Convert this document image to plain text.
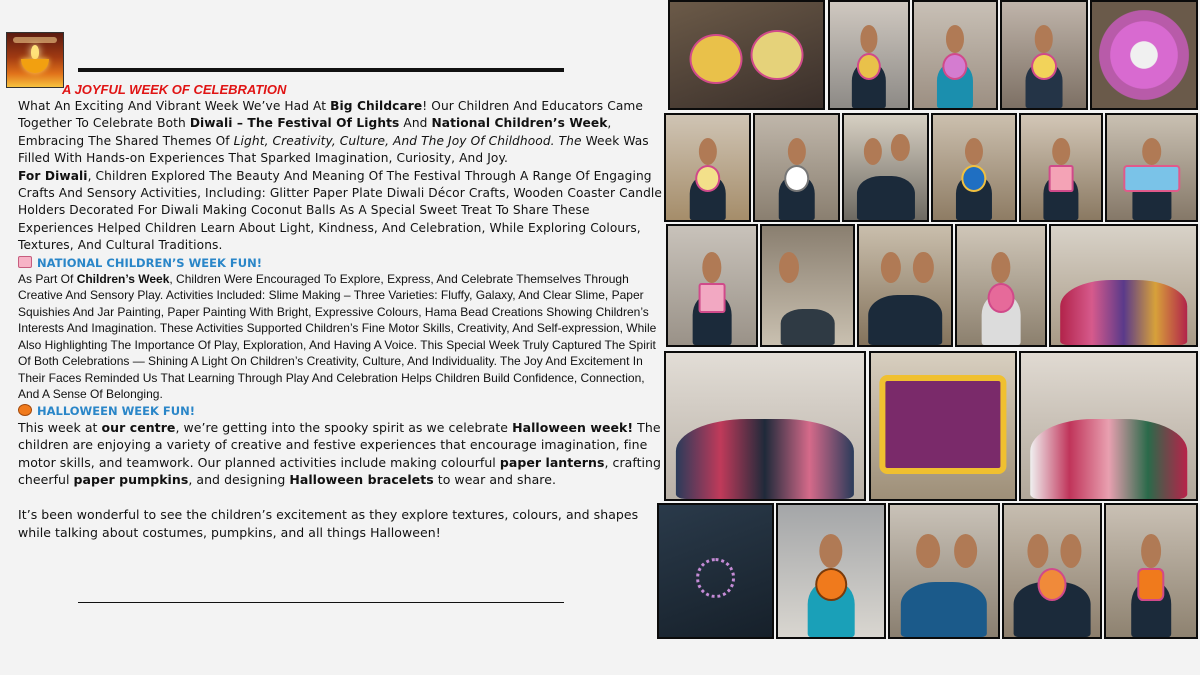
A JOYFUL WEEK OF CELEBRATION

What An Exciting And Vibrant Week We’ve Had At Big Childcare! Our Children And Educators Came Together To Celebrate Both Diwali – The Festival Of Lights And National Children’s Week, Embracing The Shared Themes Of Light, Creativity, Culture, And The Joy Of Childhood. The Week Was Filled With Hands-on Experiences That Sparked Imagination, Curiosity, And Joy.

For Diwali, Children Explored The Beauty And Meaning Of The Festival Through A Range Of Engaging Crafts And Sensory Activities, Including: Glitter Paper Plate Diwali Décor Crafts, Wooden Coaster Candle Holders Decorated For Diwali Making Coconut Balls As A Special Sweet Treat To Share These Experiences Helped Children Learn About Light, Kindness, And Celebration, While Exploring Colours, Textures, And Cultural Traditions.

NATIONAL CHILDREN’S WEEK FUN!

As Part Of Children’s Week, Children Were Encouraged To Explore, Express, And Celebrate Themselves Through Creative And Sensory Play. Activities Included: Slime Making – Three Varieties: Fluffy, Galaxy, And Clear Slime, Paper Squishies And Jar Painting, Paper Painting With Bright, Expressive Colours, Hama Bead Creations Showing Children’s Interests And Imagination. These Activities Supported Children’s Fine Motor Skills, Creativity, And Self-expression, While Also Highlighting The Importance Of Play, Exploration, And Having A Voice. This Special Week Truly Captured The Spirit Of Both Celebrations — Shining A Light On Children’s Creativity, Culture, And Individuality. The Joy And Excitement In Their Faces Reminded Us That Learning Through Play And Celebration Helps Children Build Confidence, Connection, And A Sense Of Belonging.

HALLOWEEN WEEK FUN!

This week at our centre, we’re getting into the spooky spirit as we celebrate Halloween week! The children are enjoying a variety of creative and festive experiences that encourage imagination, fine motor skills, and teamwork. Our planned activities include making colourful paper lanterns, crafting cheerful paper pumpkins, and designing Halloween bracelets to wear and share.

It’s been wonderful to see the children’s excitement as they explore textures, colours, and shapes while talking about costumes, pumpkins, and all things Halloween!
